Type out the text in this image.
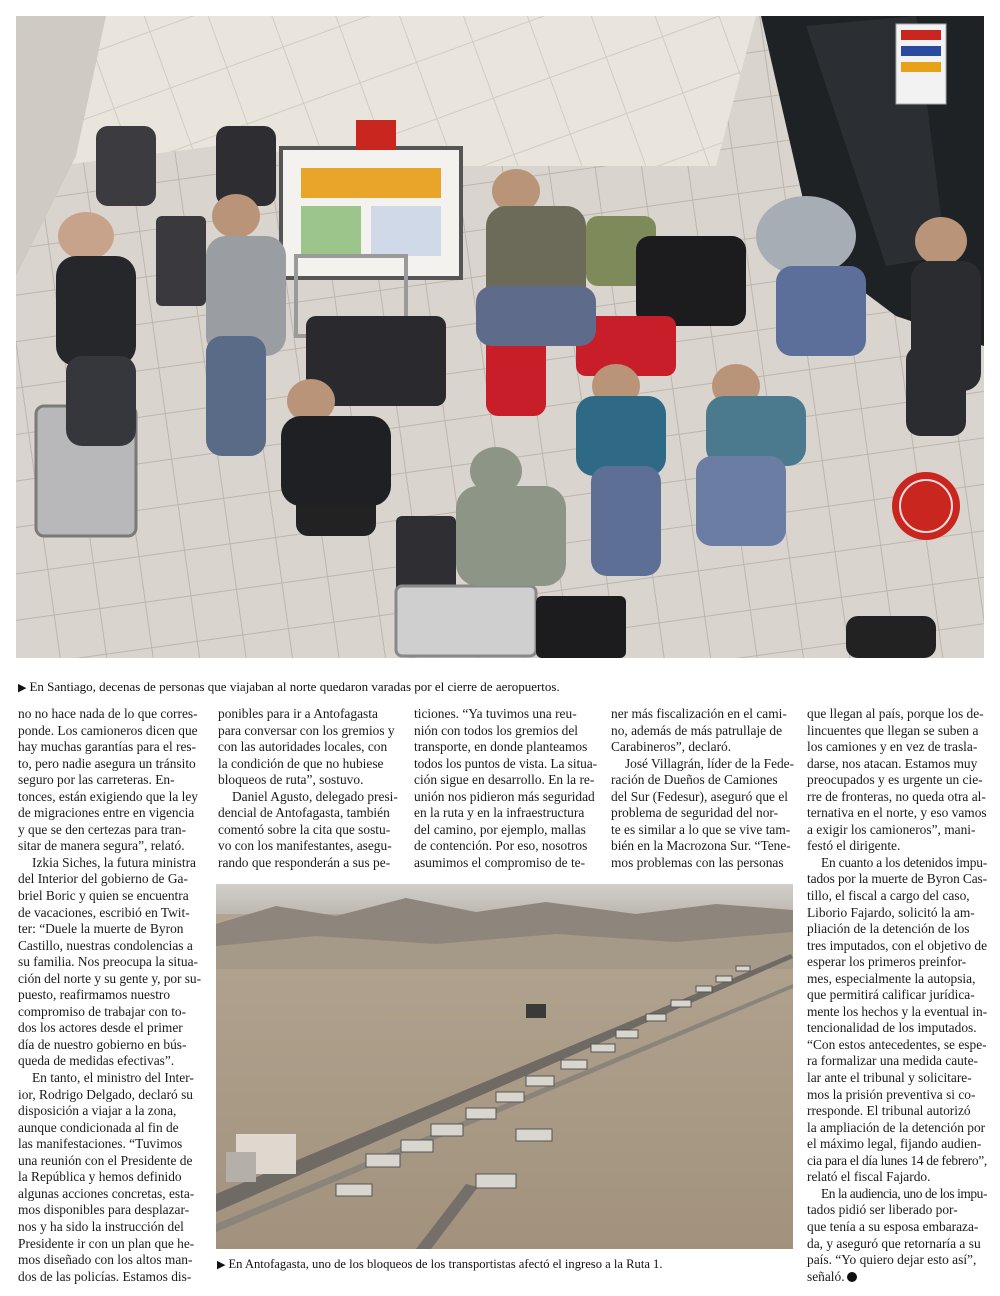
▶ En Santiago, decenas de personas que viajaban al norte quedaron varadas por el cierre de aeropuertos.
no no hace nada de lo que corres-
ponde. Los camioneros dicen que
hay muchas garantías para el res-
to, pero nadie asegura un tránsito
seguro por las carreteras. En-
tonces, están exigiendo que la ley
de migraciones entre en vigencia
y que se den certezas para tran-
sitar de manera segura”, relató.
Izkia Siches, la futura ministra
del Interior del gobierno de Ga-
briel Boric y quien se encuentra
de vacaciones, escribió en Twit-
ter: “Duele la muerte de Byron
Castillo, nuestras condolencias a
su familia. Nos preocupa la situa-
ción del norte y su gente y, por su-
puesto, reafirmamos nuestro
compromiso de trabajar con to-
dos los actores desde el primer
día de nuestro gobierno en bús-
queda de medidas efectivas”.
En tanto, el ministro del Inter-
ior, Rodrigo Delgado, declaró su
disposición a viajar a la zona,
aunque condicionada al fin de
las manifestaciones. “Tuvimos
una reunión con el Presidente de
la República y hemos definido
algunas acciones concretas, esta-
mos disponibles para desplazar-
nos y ha sido la instrucción del
Presidente ir con un plan que he-
mos diseñado con los altos man-
dos de las policías. Estamos dis-
ponibles para ir a Antofagasta
para conversar con los gremios y
con las autoridades locales, con
la condición de que no hubiese
bloqueos de ruta”, sostuvo.
Daniel Agusto, delegado presi-
dencial de Antofagasta, también
comentó sobre la cita que sostu-
vo con los manifestantes, asegu-
rando que responderán a sus pe-
ticiones. “Ya tuvimos una reu-
nión con todos los gremios del
transporte, en donde planteamos
todos los puntos de vista. La situa-
ción sigue en desarrollo. En la re-
unión nos pidieron más seguridad
en la ruta y en la infraestructura
del camino, por ejemplo, mallas
de contención. Por eso, nosotros
asumimos el compromiso de te-
ner más fiscalización en el cami-
no, además de más patrullaje de
Carabineros”, declaró.
José Villagrán, líder de la Fede-
ración de Dueños de Camiones
del Sur (Fedesur), aseguró que el
problema de seguridad del nor-
te es similar a lo que se vive tam-
bién en la Macrozona Sur. “Tene-
mos problemas con las personas
que llegan al país, porque los de-
lincuentes que llegan se suben a
los camiones y en vez de trasla-
darse, nos atacan. Estamos muy
preocupados y es urgente un cie-
rre de fronteras, no queda otra al-
ternativa en el norte, y eso vamos
a exigir los camioneros”, mani-
festó el dirigente.
En cuanto a los detenidos impu-
tados por la muerte de Byron Cas-
tillo, el fiscal a cargo del caso,
Liborio Fajardo, solicitó la am-
pliación de la detención de los
tres imputados, con el objetivo de
esperar los primeros preinfor-
mes, especialmente la autopsia,
que permitirá calificar jurídica-
mente los hechos y la eventual in-
tencionalidad de los imputados.
“Con estos antecedentes, se espe-
ra formalizar una medida caute-
lar ante el tribunal y solicitare-
mos la prisión preventiva si co-
rresponde. El tribunal autorizó
la ampliación de la detención por
el máximo legal, fijando audien-
cia para el día lunes 14 de febrero”,
relató el fiscal Fajardo.
En la audiencia, uno de los impu-
tados pidió ser liberado por-
que tenía a su esposa embaraza-
da, y aseguró que retornaría a su
país. “Yo quiero dejar esto así”,
señaló.
▶ En Antofagasta, uno de los bloqueos de los transportistas afectó el ingreso a la Ruta 1.
